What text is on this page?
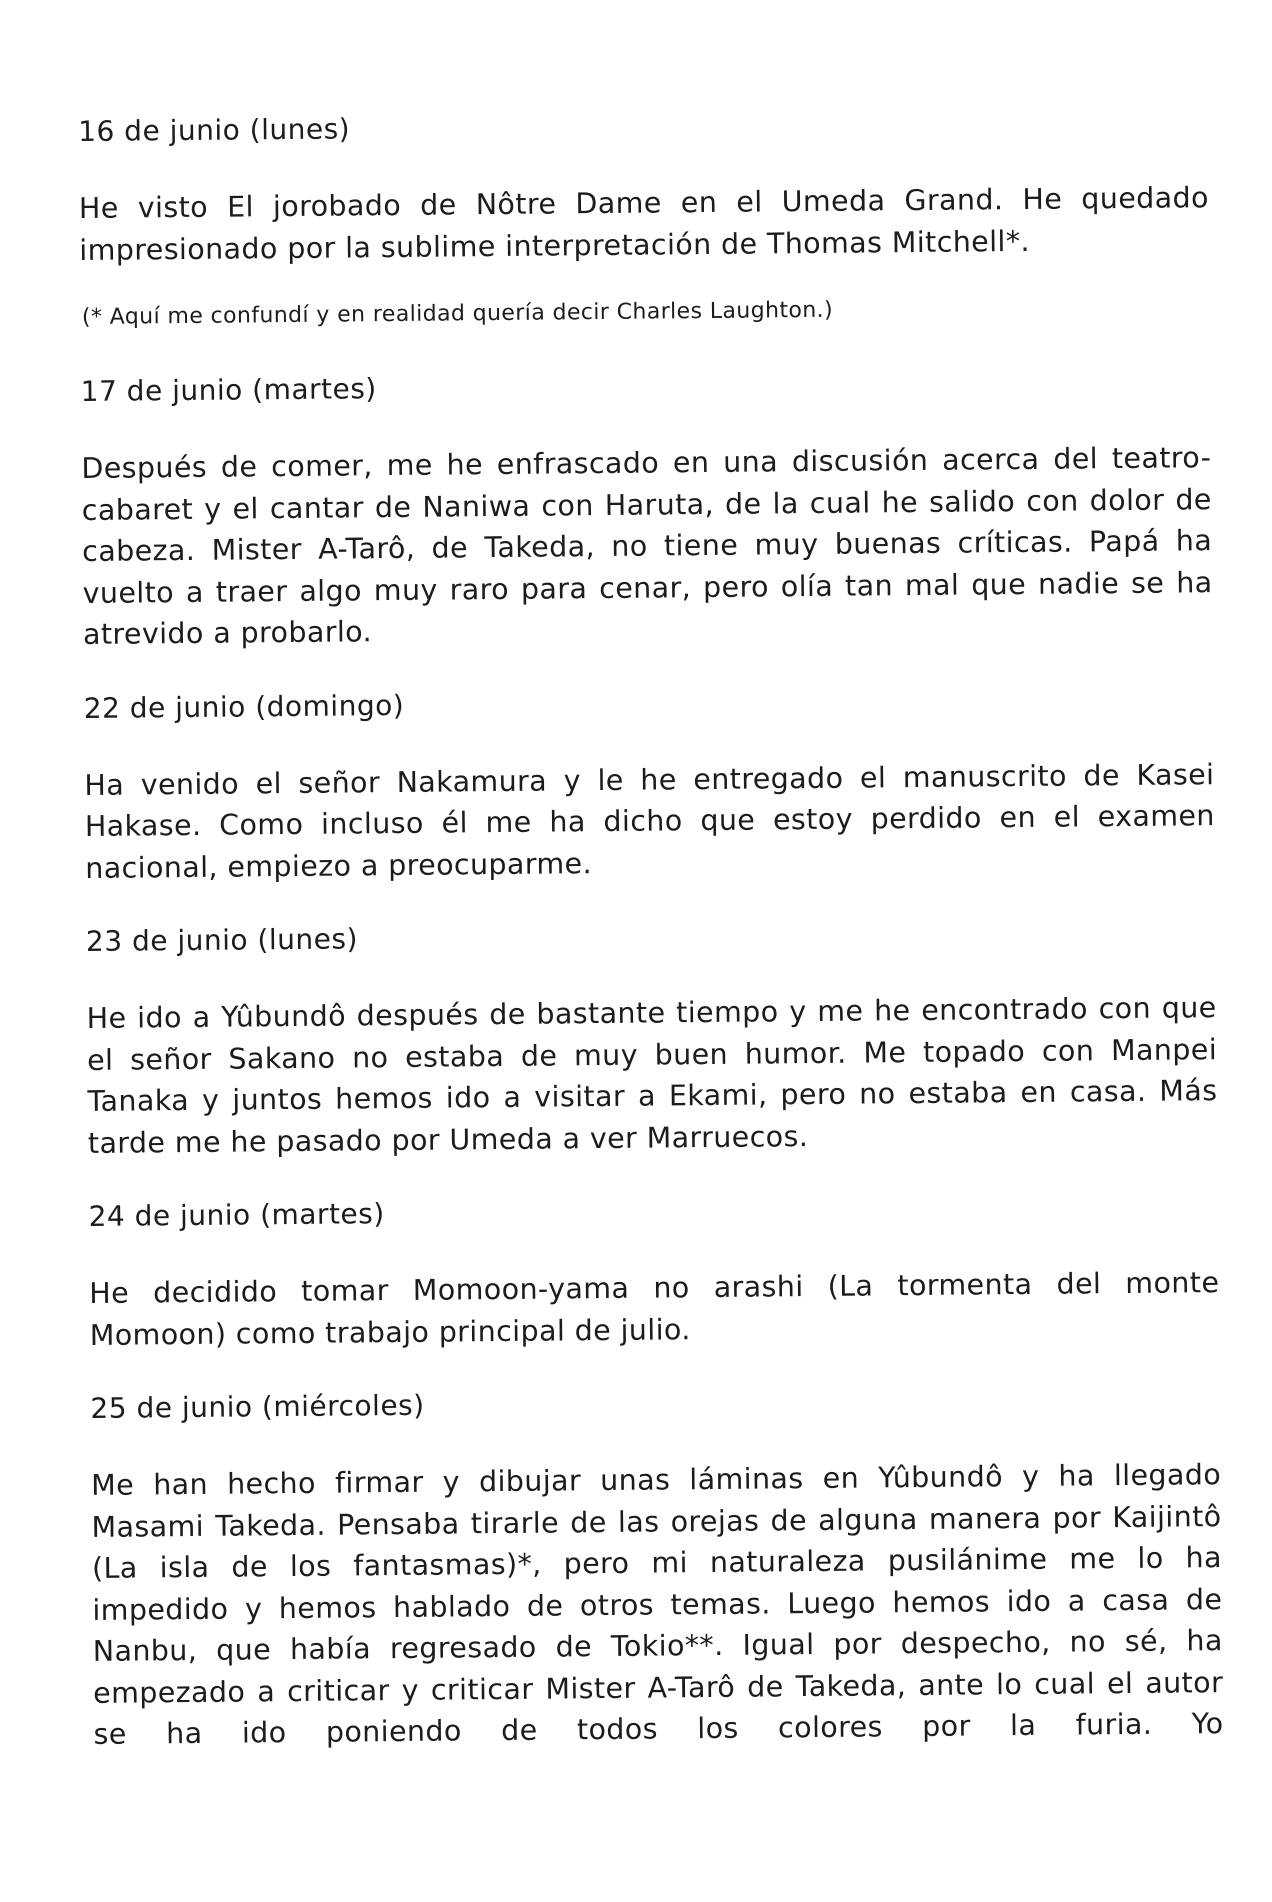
16 de junio (lunes)
He visto El jorobado de Nôtre Dame en el Umeda Grand. He quedado impresionado por la sublime interpretación de Thomas Mitchell*.
(* Aquí me confundí y en realidad quería decir Charles Laughton.)
17 de junio (martes)
Después de comer, me he enfrascado en una discusión acerca del teatro-cabaret y el cantar de Naniwa con Haruta, de la cual he salido con dolor de cabeza. Mister A-Tarô, de Takeda, no tiene muy buenas críticas. Papá ha vuelto a traer algo muy raro para cenar, pero olía tan mal que nadie se ha atrevido a probarlo.
22 de junio (domingo)
Ha venido el señor Nakamura y le he entregado el manuscrito de Kasei Hakase. Como incluso él me ha dicho que estoy perdido en el examen nacional, empiezo a preocuparme.
23 de junio (lunes)
He ido a Yûbundô después de bastante tiempo y me he encontrado con que el señor Sakano no estaba de muy buen humor. Me topado con Manpei Tanaka y juntos hemos ido a visitar a Ekami, pero no estaba en casa. Más tarde me he pasado por Umeda a ver Marruecos.
24 de junio (martes)
He decidido tomar Momoon-yama no arashi (La tormenta del monte Momoon) como trabajo principal de julio.
25 de junio (miércoles)
Me han hecho firmar y dibujar unas láminas en Yûbundô y ha llegado Masami Takeda. Pensaba tirarle de las orejas de alguna manera por Kaijintô (La isla de los fantasmas)*, pero mi naturaleza pusilánime me lo ha impedido y hemos hablado de otros temas. Luego hemos ido a casa de Nanbu, que había regresado de Tokio**. Igual por despecho, no sé, ha empezado a criticar y criticar Mister A-Tarô de Takeda, ante lo cual el autor se ha ido poniendo de todos los colores por la furia. Yo
